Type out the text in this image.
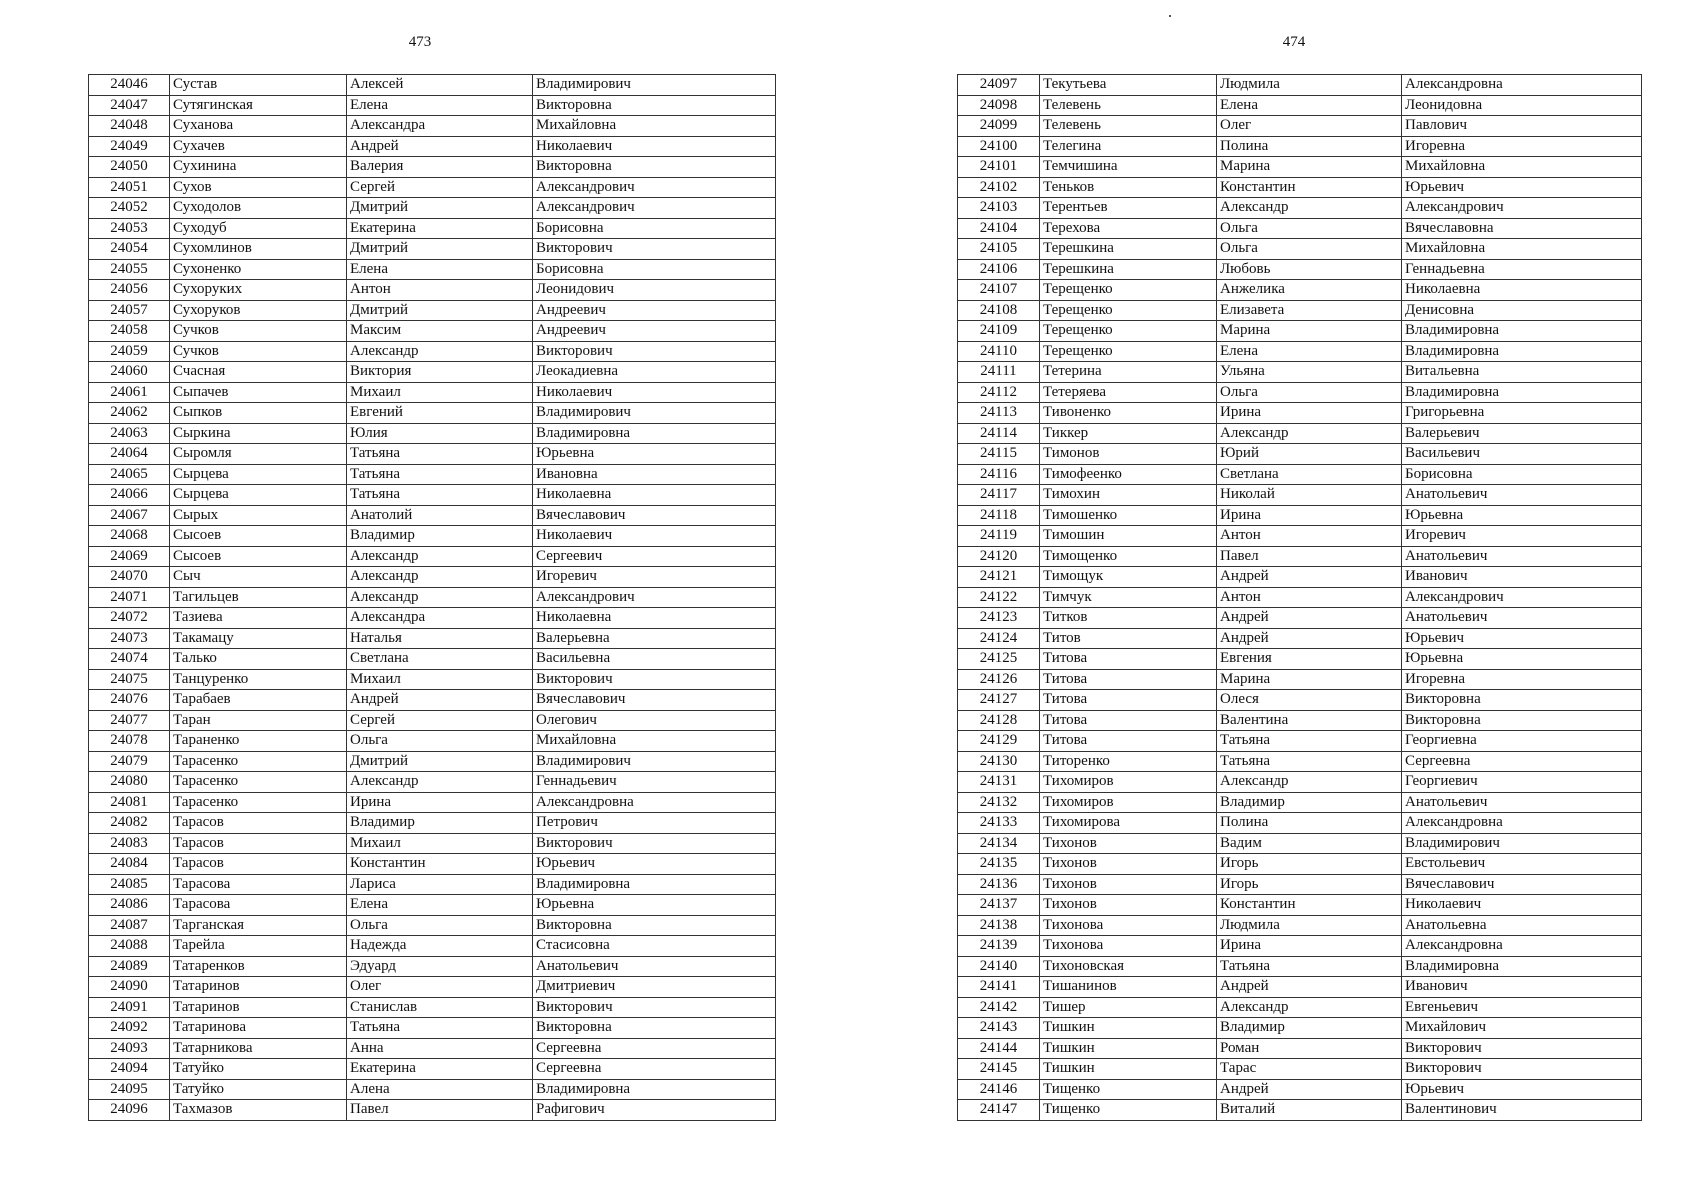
473	474
24046	Сустав	Алексей	Владимирович
24047	Сутягинская	Елена	Викторовна
24048	Суханова	Александра	Михайловна
24049	Сухачев	Андрей	Николаевич
24050	Сухинина	Валерия	Викторовна
24051	Сухов	Сергей	Александрович
24052	Суходолов	Дмитрий	Александрович
24053	Суходуб	Екатерина	Борисовна
24054	Сухомлинов	Дмитрий	Викторович
24055	Сухоненко	Елена	Борисовна
24056	Сухоруких	Антон	Леонидович
24057	Сухоруков	Дмитрий	Андреевич
24058	Сучков	Максим	Андреевич
24059	Сучков	Александр	Викторович
24060	Счасная	Виктория	Леокадиевна
24061	Сыпачев	Михаил	Николаевич
24062	Сыпков	Евгений	Владимирович
24063	Сыркина	Юлия	Владимировна
24064	Сыромля	Татьяна	Юрьевна
24065	Сырцева	Татьяна	Ивановна
24066	Сырцева	Татьяна	Николаевна
24067	Сырых	Анатолий	Вячеславович
24068	Сысоев	Владимир	Николаевич
24069	Сысоев	Александр	Сергеевич
24070	Сыч	Александр	Игоревич
24071	Тагильцев	Александр	Александрович
24072	Тазиева	Александра	Николаевна
24073	Такамацу	Наталья	Валерьевна
24074	Талько	Светлана	Васильевна
24075	Танцуренко	Михаил	Викторович
24076	Тарабаев	Андрей	Вячеславович
24077	Таран	Сергей	Олегович
24078	Тараненко	Ольга	Михайловна
24079	Тарасенко	Дмитрий	Владимирович
24080	Тарасенко	Александр	Геннадьевич
24081	Тарасенко	Ирина	Александровна
24082	Тарасов	Владимир	Петрович
24083	Тарасов	Михаил	Викторович
24084	Тарасов	Константин	Юрьевич
24085	Тарасова	Лариса	Владимировна
24086	Тарасова	Елена	Юрьевна
24087	Тарганская	Ольга	Викторовна
24088	Тарейла	Надежда	Стасисовна
24089	Татаренков	Эдуард	Анатольевич
24090	Татаринов	Олег	Дмитриевич
24091	Татаринов	Станислав	Викторович
24092	Татаринова	Татьяна	Викторовна
24093	Татарникова	Анна	Сергеевна
24094	Татуйко	Екатерина	Сергеевна
24095	Татуйко	Алена	Владимировна
24096	Тахмазов	Павел	Рафигович
24097	Текутьева	Людмила	Александровна
24098	Телевень	Елена	Леонидовна
24099	Телевень	Олег	Павлович
24100	Телегина	Полина	Игоревна
24101	Темчишина	Марина	Михайловна
24102	Теньков	Константин	Юрьевич
24103	Терентьев	Александр	Александрович
24104	Терехова	Ольга	Вячеславовна
24105	Терешкина	Ольга	Михайловна
24106	Терешкина	Любовь	Геннадьевна
24107	Терещенко	Анжелика	Николаевна
24108	Терещенко	Елизавета	Денисовна
24109	Терещенко	Марина	Владимировна
24110	Терещенко	Елена	Владимировна
24111	Тетерина	Ульяна	Витальевна
24112	Тетеряева	Ольга	Владимировна
24113	Тивоненко	Ирина	Григорьевна
24114	Тиккер	Александр	Валерьевич
24115	Тимонов	Юрий	Васильевич
24116	Тимофеенко	Светлана	Борисовна
24117	Тимохин	Николай	Анатольевич
24118	Тимошенко	Ирина	Юрьевна
24119	Тимошин	Антон	Игоревич
24120	Тимощенко	Павел	Анатольевич
24121	Тимощук	Андрей	Иванович
24122	Тимчук	Антон	Александрович
24123	Титков	Андрей	Анатольевич
24124	Титов	Андрей	Юрьевич
24125	Титова	Евгения	Юрьевна
24126	Титова	Марина	Игоревна
24127	Титова	Олеся	Викторовна
24128	Титова	Валентина	Викторовна
24129	Титова	Татьяна	Георгиевна
24130	Титоренко	Татьяна	Сергеевна
24131	Тихомиров	Александр	Георгиевич
24132	Тихомиров	Владимир	Анатольевич
24133	Тихомирова	Полина	Александровна
24134	Тихонов	Вадим	Владимирович
24135	Тихонов	Игорь	Евстольевич
24136	Тихонов	Игорь	Вячеславович
24137	Тихонов	Константин	Николаевич
24138	Тихонова	Людмила	Анатольевна
24139	Тихонова	Ирина	Александровна
24140	Тихоновская	Татьяна	Владимировна
24141	Тишанинов	Андрей	Иванович
24142	Тишер	Александр	Евгеньевич
24143	Тишкин	Владимир	Михайлович
24144	Тишкин	Роман	Викторович
24145	Тишкин	Тарас	Викторович
24146	Тищенко	Андрей	Юрьевич
24147	Тищенко	Виталий	Валентинович
